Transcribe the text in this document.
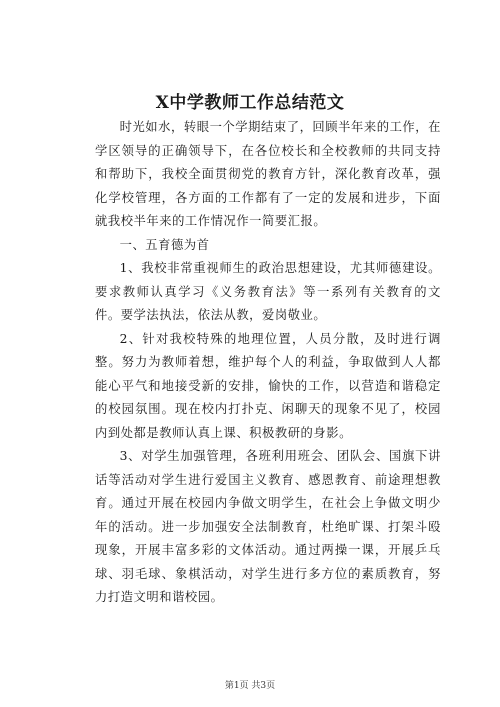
X中学教师工作总结范文

时光如水，转眼一个学期结束了，回顾半年来的工作，在学区领导的正确领导下，在各位校长和全校教师的共同支持和帮助下，我校全面贯彻党的教育方针，深化教育改革，强化学校管理，各方面的工作都有了一定的发展和进步，下面就我校半年来的工作情况作一简要汇报。

一、五育德为首

1、我校非常重视师生的政治思想建设，尤其师德建设。要求教师认真学习《义务教育法》等一系列有关教育的文件。要学法执法，依法从教，爱岗敬业。

2、针对我校特殊的地理位置，人员分散，及时进行调整。努力为教师着想，维护每个人的利益，争取做到人人都能心平气和地接受新的安排，愉快的工作，以营造和谐稳定的校园氛围。现在校内打扑克、闲聊天的现象不见了，校园内到处都是教师认真上课、积极教研的身影。

3、对学生加强管理，各班利用班会、团队会、国旗下讲话等活动对学生进行爱国主义教育、感恩教育、前途理想教育。通过开展在校园内争做文明学生，在社会上争做文明少年的活动。进一步加强安全法制教育，杜绝旷课、打架斗殴现象，开展丰富多彩的文体活动。通过两操一课，开展乒乓球、羽毛球、象棋活动，对学生进行多方位的素质教育，努力打造文明和谐校园。

第1页 共3页
